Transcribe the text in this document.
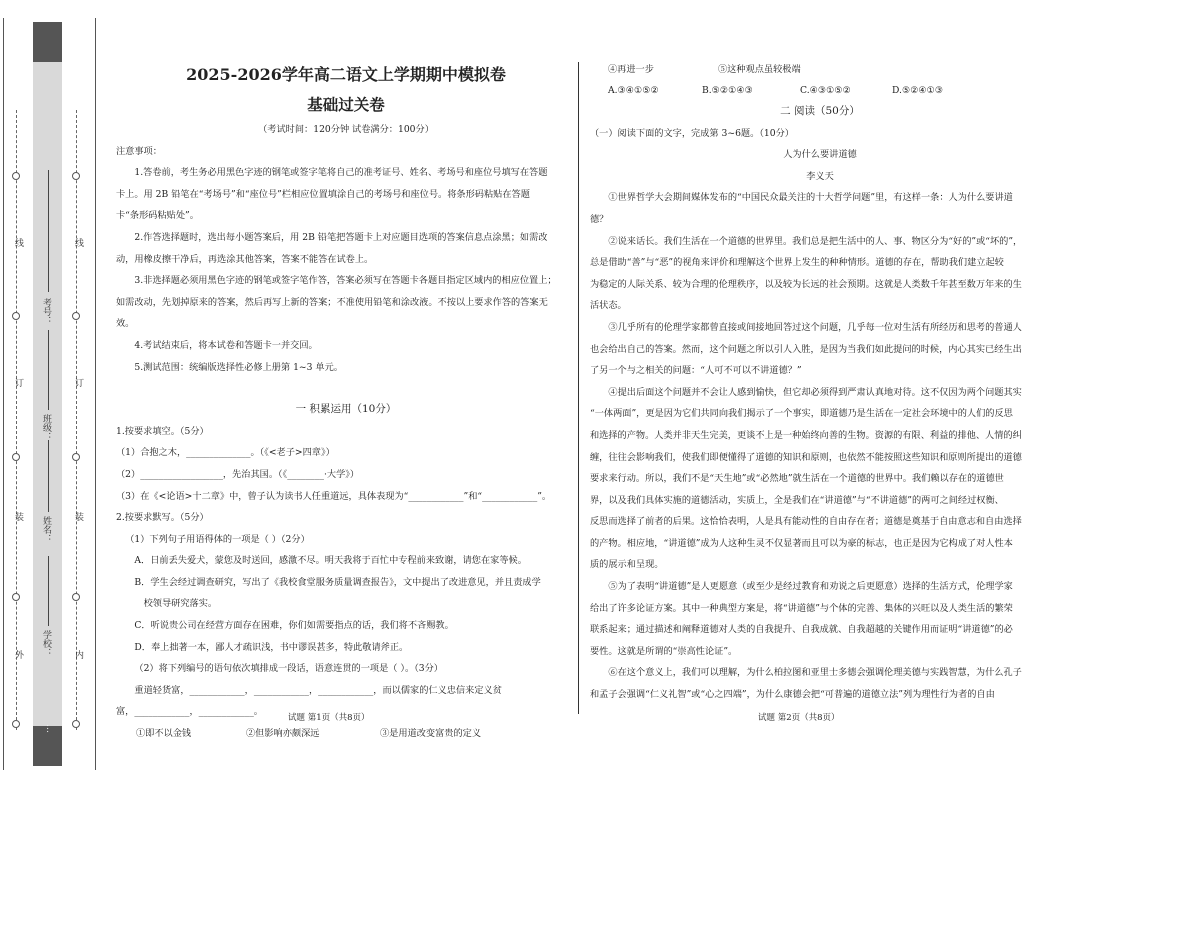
线
订
装
外
线
订
装
内
…
考号：
班级：
姓名：
学校：
2025-2026学年高二语文上学期期中模拟卷
基础过关卷

（考试时间：120分钟 试卷满分：100分）

注意事项：

1.答卷前，考生务必用黑色字迹的钢笔或签字笔将自己的准考证号、姓名、考场号和座位号填写在答题

卡上。用 2B 铅笔在“考场号”和“座位号”栏相应位置填涂自己的考场号和座位号。将条形码粘贴在答题

卡“条形码粘贴处”。

2.作答选择题时，选出每小题答案后，用 2B 铅笔把答题卡上对应题目选项的答案信息点涂黑；如需改

动，用橡皮擦干净后，再选涂其他答案，答案不能答在试卷上。

3.非选择题必须用黑色字迹的钢笔或签字笔作答，答案必须写在答题卡各题目指定区域内的相应位置上；

如需改动，先划掉原来的答案，然后再写上新的答案；不准使用铅笔和涂改液。不按以上要求作答的答案无

效。

4.考试结束后，将本试卷和答题卡一并交回。

5.测试范围：统编版选择性必修上册第 1~3 单元。

一 积累运用（10分）

1.按要求填空。（5分）

（1）合抱之木，______________。（《<老子>四章》）

（2）__________________，先治其国。（《________·大学》）

（3）在《<论语>十二章》中，曾子认为读书人任重道远，具体表现为“____________”和“____________”。

2.按要求默写。（5分）

（1）下列句子用语得体的一项是（ ）（2分）

A．日前丢失爱犬，蒙您及时送回，感激不尽。明天我将于百忙中专程前来致谢，请您在家等候。

B．学生会经过调查研究，写出了《我校食堂服务质量调查报告》，文中提出了改进意见，并且责成学

校领导研究落实。

C．听说贵公司在经营方面存在困难，你们如需要指点的话，我们将不吝赐教。

D．奉上拙著一本，鄙人才疏识浅，书中谬误甚多，特此敬请斧正。

（2）将下列编号的语句依次填排成一段话，语意连贯的一项是（ ）。（3分）

重道轻货富，____________，____________，____________，而以儒家的仁义忠信来定义贫

富，____________，____________。

①即不以金钱	②但影响亦颇深远	③是用道改变富贵的定义

试题 第1页（共8页）

④再进一步	⑤这种观点虽较极端

A.③④①⑤②	B.⑤②①④③	C.④③①⑤②	D.⑤②④①③

二 阅读（50分）

（一）阅读下面的文字，完成第 3~6题。（10分）

人为什么要讲道德

李义天

①世界哲学大会期间媒体发布的“中国民众最关注的十大哲学问题”里，有这样一条：人为什么要讲道

德？

②说来话长。我们生活在一个道德的世界里。我们总是把生活中的人、事、物区分为“好的”或“坏的”，

总是借助“善”与“恶”的视角来评价和理解这个世界上发生的种种情形。道德的存在，帮助我们建立起较

为稳定的人际关系、较为合理的伦理秩序，以及较为长远的社会预期。这就是人类数千年甚至数万年来的生

活状态。

③几乎所有的伦理学家都曾直接或间接地回答过这个问题，几乎每一位对生活有所经历和思考的普通人

也会给出自己的答案。然而，这个问题之所以引人入胜，是因为当我们如此提问的时候，内心其实已经生出

了另一个与之相关的问题：“人可不可以不讲道德？”

④提出后面这个问题并不会让人感到愉快，但它却必须得到严肃认真地对待。这不仅因为两个问题其实

“一体两面”，更是因为它们共同向我们揭示了一个事实，即道德乃是生活在一定社会环境中的人们的反思

和选择的产物。人类并非天生完美，更谈不上是一种始终向善的生物。资源的有限、利益的排他、人情的纠

缠，往往会影响我们，使我们即便懂得了道德的知识和原则，也依然不能按照这些知识和原则所提出的道德

要求来行动。所以，我们不是“天生地”或“必然地”就生活在一个道德的世界中。我们赖以存在的道德世

界，以及我们具体实施的道德活动，实质上，全是我们在“讲道德”与“不讲道德”的两可之间经过权衡、

反思而选择了前者的后果。这恰恰表明，人是具有能动性的自由存在者；道德是奠基于自由意志和自由选择

的产物。相应地，“讲道德”成为人这种生灵不仅显著而且可以为豪的标志，也正是因为它构成了对人性本

质的展示和呈现。

⑤为了表明“讲道德”是人更愿意（或至少是经过教育和劝说之后更愿意）选择的生活方式，伦理学家

给出了许多论证方案。其中一种典型方案是，将“讲道德”与个体的完善、集体的兴旺以及人类生活的繁荣

联系起来；通过描述和阐释道德对人类的自我提升、自我成就、自我超越的关键作用而证明“讲道德”的必

要性。这就是所谓的“崇高性论证”。

⑥在这个意义上，我们可以理解，为什么柏拉图和亚里士多德会强调伦理美德与实践智慧，为什么孔子

和孟子会强调“仁义礼智”或“心之四端”，为什么康德会把“可普遍的道德立法”列为理性行为者的自由

试题 第2页（共8页）
